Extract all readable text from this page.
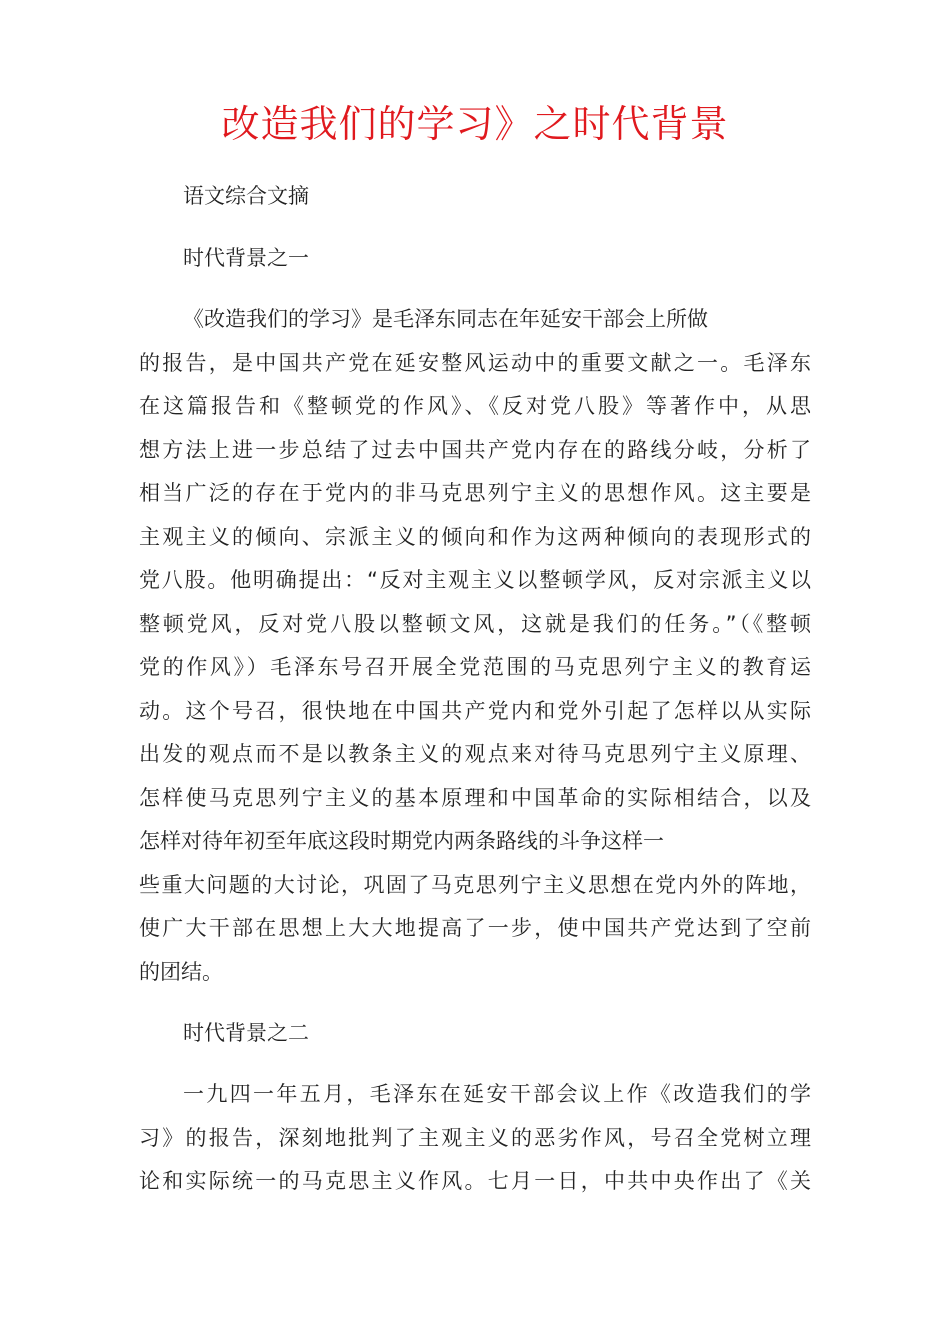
改造我们的学习》之时代背景

语文综合文摘

时代背景之一

《改造我们的学习》是毛泽东同志在年延安干部会上所做
的报告，是中国共产党在延安整风运动中的重要文献之一。毛泽东
在这篇报告和《整顿党的作风》、《反对党八股》等著作中，从思
想方法上进一步总结了过去中国共产党内存在的路线分岐，分析了
相当广泛的存在于党内的非马克思列宁主义的思想作风。这主要是
主观主义的倾向、宗派主义的倾向和作为这两种倾向的表现形式的
党八股。他明确提出：“反对主观主义以整顿学风，反对宗派主义以
整顿党风，反对党八股以整顿文风，这就是我们的任务。”（《整顿
党的作风》）毛泽东号召开展全党范围的马克思列宁主义的教育运
动。这个号召，很快地在中国共产党内和党外引起了怎样以从实际
出发的观点而不是以教条主义的观点来对待马克思列宁主义原理、
怎样使马克思列宁主义的基本原理和中国革命的实际相结合，以及
怎样对待年初至年底这段时期党内两条路线的斗争这样一
些重大问题的大讨论，巩固了马克思列宁主义思想在党内外的阵地，
使广大干部在思想上大大地提高了一步，使中国共产党达到了空前
的团结。

时代背景之二

一九四一年五月，毛泽东在延安干部会议上作《改造我们的学
习》的报告，深刻地批判了主观主义的恶劣作风，号召全党树立理
论和实际统一的马克思主义作风。七月一日，中共中央作出了《关
